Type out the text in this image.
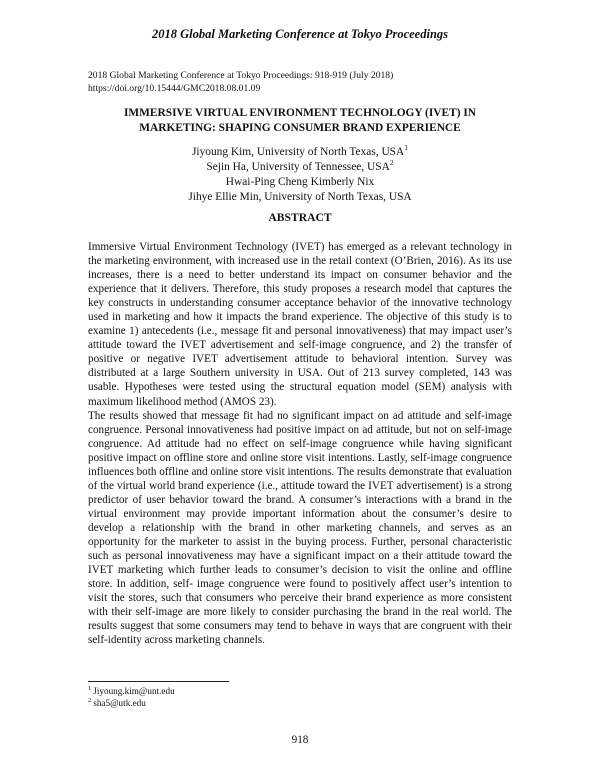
2018 Global Marketing Conference at Tokyo Proceedings
2018 Global Marketing Conference at Tokyo Proceedings: 918-919 (July 2018)
https://doi.org/10.15444/GMC2018.08.01.09
IMMERSIVE VIRTUAL ENVIRONMENT TECHNOLOGY (IVET) IN
MARKETING: SHAPING CONSUMER BRAND EXPERIENCE
Jiyoung Kim, University of North Texas, USA$^1$
Sejin Ha, University of Tennessee, USA$^2$
Hwai-Ping Cheng Kimberly Nix
Jihye Ellie Min, University of North Texas, USA
ABSTRACT

Immersive Virtual Environment Technology (IVET) has emerged as a relevant technology in the marketing environment, with increased use in the retail context (O’Brien, 2016). As its use increases, there is a need to better understand its impact on consumer behavior and the experience that it delivers. Therefore, this study proposes a research model that captures the key constructs in understanding consumer acceptance behavior of the innovative technology used in marketing and how it impacts the brand experience. The objective of this study is to examine 1) antecedents (i.e., message fit and personal innovativeness) that may impact user’s attitude toward the IVET advertisement and self-image congruence, and 2) the transfer of positive or negative IVET advertisement attitude to behavioral intention. Survey was distributed at a large Southern university in USA. Out of 213 survey completed, 143 was usable. Hypotheses were tested using the structural equation model (SEM) analysis with maximum likelihood method (AMOS 23).

The results showed that message fit had no significant impact on ad attitude and self-image congruence. Personal innovativeness had positive impact on ad attitude, but not on self-image congruence. Ad attitude had no effect on self-image congruence while having significant positive impact on offline store and online store visit intentions. Lastly, self-image congruence influences both offline and online store visit intentions. The results demonstrate that evaluation of the virtual world brand experience (i.e., attitude toward the IVET advertisement) is a strong predictor of user behavior toward the brand. A consumer’s interactions with a brand in the virtual environment may provide important information about the consumer’s desire to develop a relationship with the brand in other marketing channels, and serves as an opportunity for the marketer to assist in the buying process. Further, personal characteristic such as personal innovativeness may have a significant impact on a their attitude toward the IVET marketing which further leads to consumer’s decision to visit the online and offline store. In addition, self- image congruence were found to positively affect user’s intention to visit the stores, such that consumers who perceive their brand experience as more consistent with their self-image are more likely to consider purchasing the brand in the real world. The results suggest that some consumers may tend to behave in ways that are congruent with their self-identity across marketing channels.

$^1$ Jiyoung.kim@unt.edu
$^2$ sha5@utk.edu
918
